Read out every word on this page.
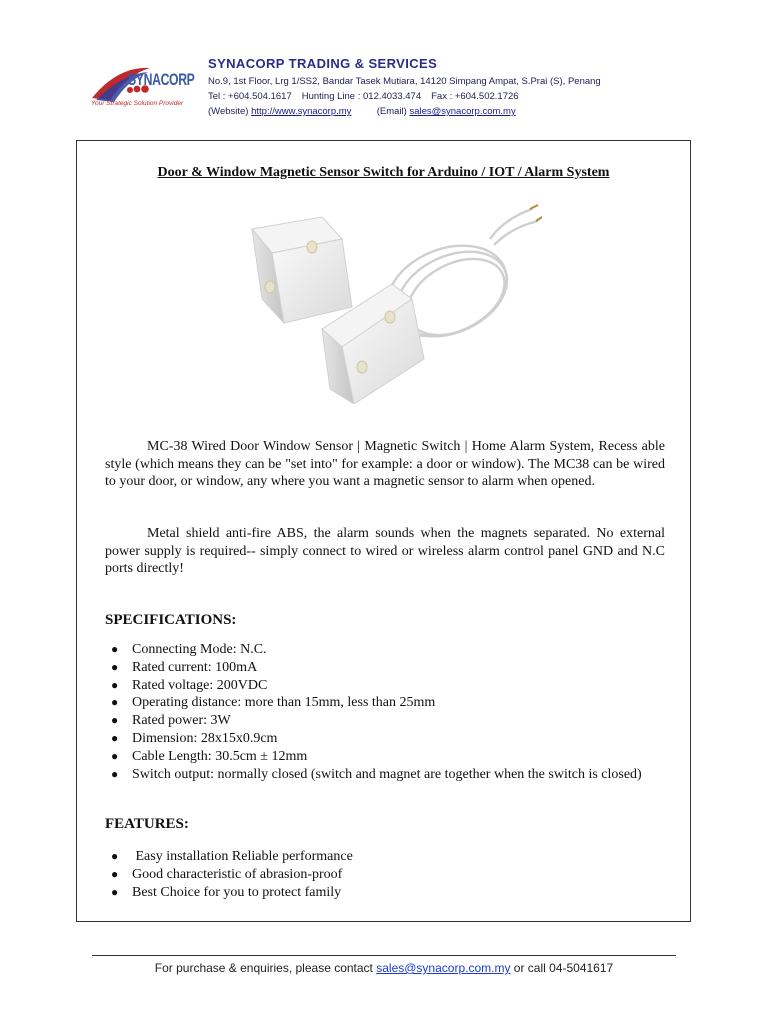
SYNACORP
Your Strategic Solution Provider
SYNACORP TRADING & SERVICES
No.9, 1st Floor, Lrg 1/SS2, Bandar Tasek Mutiara, 14120 Simpang Ampat, S.Prai (S), Penang
Tel : +604.504.1617 Hunting Line : 012.4033.474 Fax : +604.502.1726
(Website) http://www.synacorp.my	(Email) sales@synacorp.com.my
Door & Window Magnetic Sensor Switch for Arduino / IOT / Alarm System

MC-38 Wired Door Window Sensor | Magnetic Switch | Home Alarm System, Recess able style (which means they can be "set into" for example: a door or window). The MC38 can be wired to your door, or window, any where you want a magnetic sensor to alarm when opened.

Metal shield anti-fire ABS, the alarm sounds when the magnets separated. No external power supply is required-- simply connect to wired or wireless alarm control panel GND and N.C ports directly!

SPECIFICATIONS:
● Connecting Mode: N.C.
● Rated current: 100mA
● Rated voltage: 200VDC
● Operating distance: more than 15mm, less than 25mm
● Rated power: 3W
● Dimension: 28x15x0.9cm
● Cable Length: 30.5cm ± 12mm
● Switch output: normally closed (switch and magnet are together when the switch is closed)
FEATURES:
● Easy installation Reliable performance
● Good characteristic of abrasion-proof
● Best Choice for you to protect family
For purchase & enquiries, please contact sales@synacorp.com.my or call 04-5041617
